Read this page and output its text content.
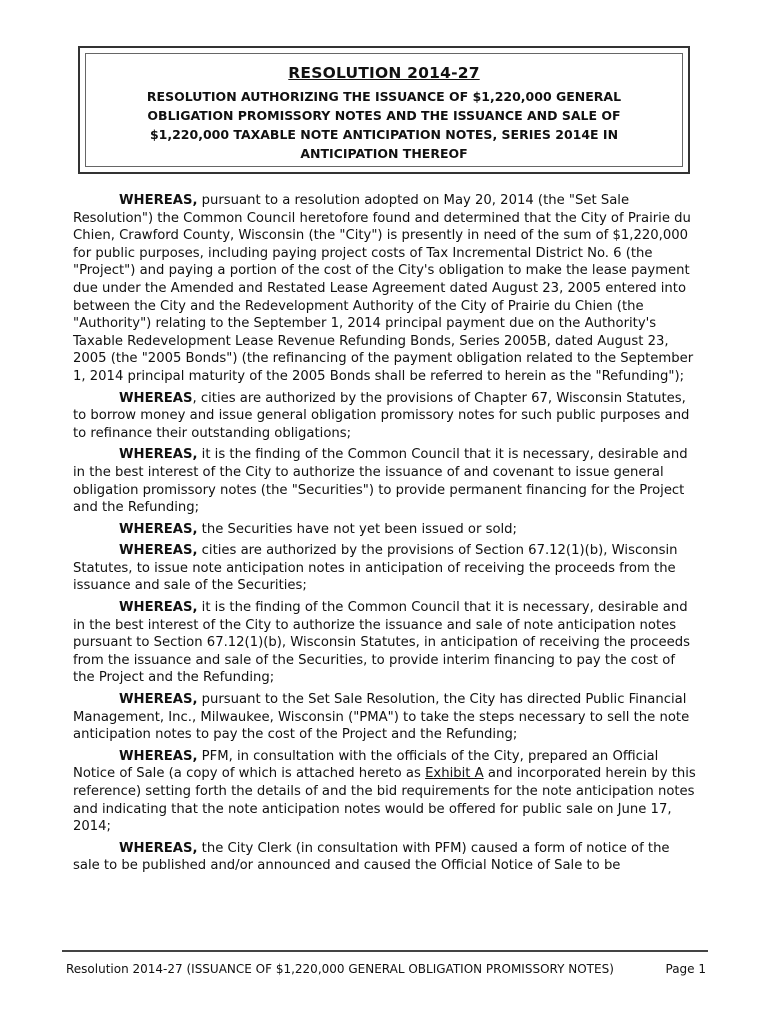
RESOLUTION 2014-27
RESOLUTION AUTHORIZING THE ISSUANCE OF $1,220,000 GENERAL
OBLIGATION PROMISSORY NOTES AND THE ISSUANCE AND SALE OF
$1,220,000 TAXABLE NOTE ANTICIPATION NOTES, SERIES 2014E IN
ANTICIPATION THEREOF

WHEREAS, pursuant to a resolution adopted on May 20, 2014 (the "Set Sale Resolution") the Common Council heretofore found and determined that the City of Prairie du Chien, Crawford County, Wisconsin (the "City") is presently in need of the sum of $1,220,000 for public purposes, including paying project costs of Tax Incremental District No. 6 (the "Project") and paying a portion of the cost of the City's obligation to make the lease payment due under the Amended and Restated Lease Agreement dated August 23, 2005 entered into between the City and the Redevelopment Authority of the City of Prairie du Chien (the "Authority") relating to the September 1, 2014 principal payment due on the Authority's Taxable Redevelopment Lease Revenue Refunding Bonds, Series 2005B, dated August 23, 2005 (the "2005 Bonds") (the refinancing of the payment obligation related to the September 1, 2014 principal maturity of the 2005 Bonds shall be referred to herein as the "Refunding");

WHEREAS, cities are authorized by the provisions of Chapter 67, Wisconsin Statutes, to borrow money and issue general obligation promissory notes for such public purposes and to refinance their outstanding obligations;

WHEREAS, it is the finding of the Common Council that it is necessary, desirable and in the best interest of the City to authorize the issuance of and covenant to issue general obligation promissory notes (the "Securities") to provide permanent financing for the Project and the Refunding;

WHEREAS, the Securities have not yet been issued or sold;

WHEREAS, cities are authorized by the provisions of Section 67.12(1)(b), Wisconsin Statutes, to issue note anticipation notes in anticipation of receiving the proceeds from the issuance and sale of the Securities;

WHEREAS, it is the finding of the Common Council that it is necessary, desirable and in the best interest of the City to authorize the issuance and sale of note anticipation notes pursuant to Section 67.12(1)(b), Wisconsin Statutes, in anticipation of receiving the proceeds from the issuance and sale of the Securities, to provide interim financing to pay the cost of the Project and the Refunding;

WHEREAS, pursuant to the Set Sale Resolution, the City has directed Public Financial Management, Inc., Milwaukee, Wisconsin ("PMA") to take the steps necessary to sell the note anticipation notes to pay the cost of the Project and the Refunding;

WHEREAS, PFM, in consultation with the officials of the City, prepared an Official Notice of Sale (a copy of which is attached hereto as Exhibit A and incorporated herein by this reference) setting forth the details of and the bid requirements for the note anticipation notes and indicating that the note anticipation notes would be offered for public sale on June 17, 2014;

WHEREAS, the City Clerk (in consultation with PFM) caused a form of notice of the sale to be published and/or announced and caused the Official Notice of Sale to be

Resolution 2014-27 (ISSUANCE OF $1,220,000 GENERAL OBLIGATION PROMISSORY NOTES)	Page 1
